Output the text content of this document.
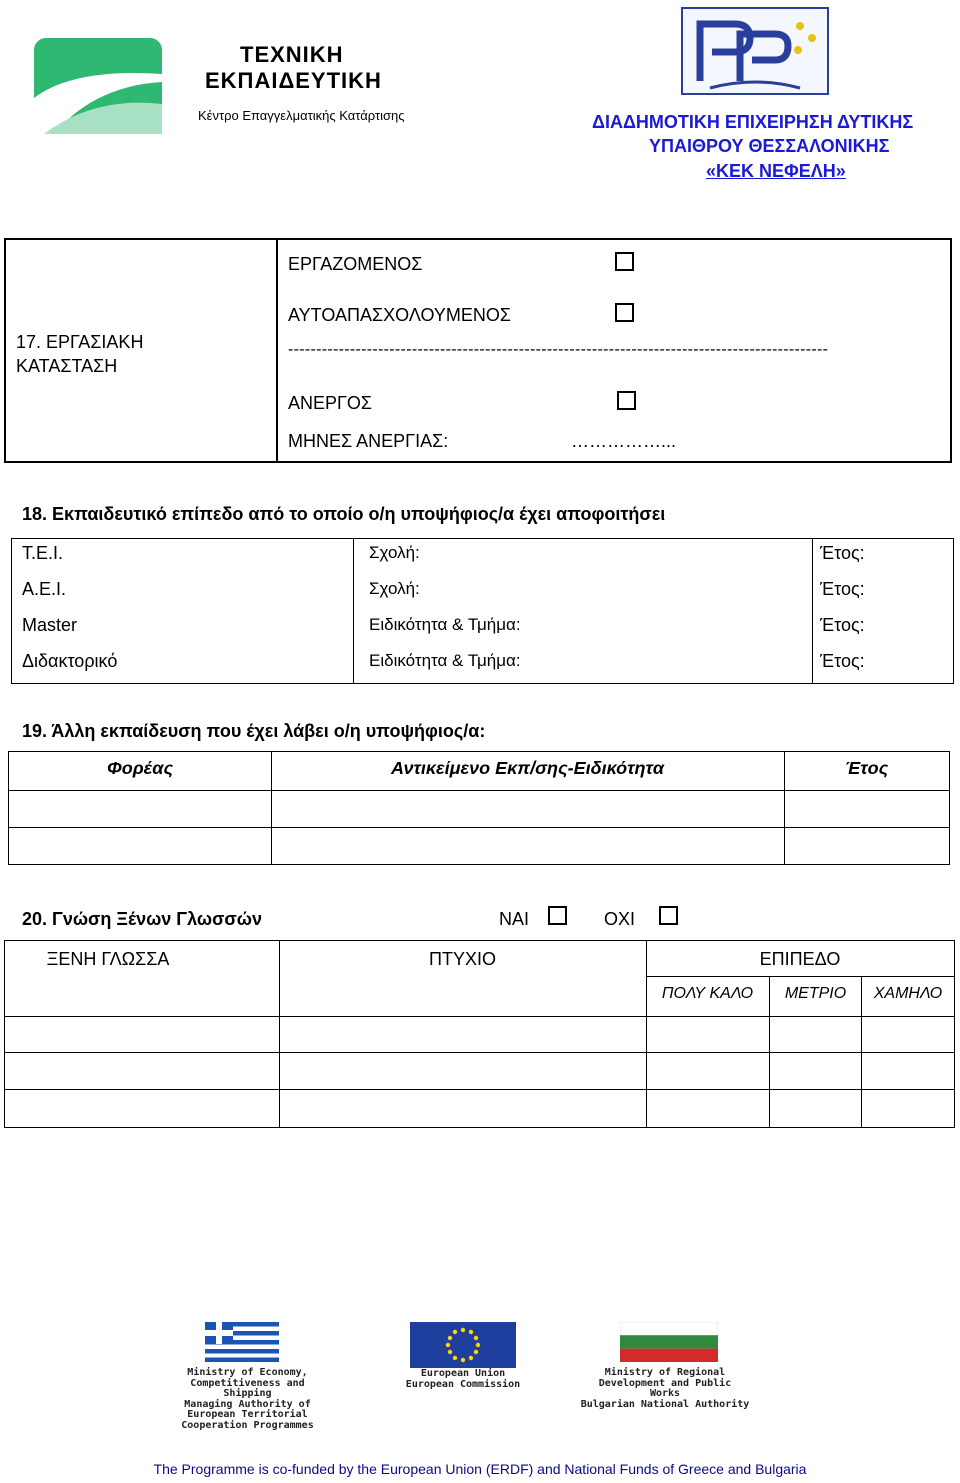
ΤΕΧΝΙΚΗ
ΕΚΠΑΙΔΕΥΤΙΚΗ
Κέντρο Επαγγελματικής Κατάρτισης	ΔΙΑΔΗΜΟΤΙΚΗ ΕΠΙΧΕΙΡΗΣΗ ΔΥΤΙΚΗΣ
ΥΠΑΙΘΡΟΥ ΘΕΣΣΑΛΟΝΙΚΗΣ
«ΚΕΚ ΝΕΦΕΛΗ»
17. ΕΡΓΑΣΙΑΚΗ ΚΑΤΑΣΤΑΣΗ
ΕΡΓΑΖΟΜΕΝΟΣ
ΑΥΤΟΑΠΑΣΧΟΛΟΥΜΕΝΟΣ
------------------------------------------------------------------------------------------------
ΑΝΕΡΓΟΣ
ΜΗΝΕΣ ΑΝΕΡΓΙΑΣ:	……………...
18. Εκπαιδευτικό επίπεδο από το οποίο ο/η υποψήφιος/α έχει αποφοιτήσει
Τ.Ε.Ι.	Σχολή:	Έτος:
Α.Ε.Ι.	Σχολή:	Έτος:
Master	Ειδικότητα & Τμήμα:	Έτος:
Διδακτορικό	Ειδικότητα & Τμήμα:	Έτος:
19. Άλλη εκπαίδευση που έχει λάβει ο/η υποψήφιος/α:
Φορέας	Αντικείμενο Εκπ/σης-Ειδικότητα	Έτος
20. Γνώση Ξένων Γλωσσών	ΝΑΙ	ΟΧΙ
ΞΕΝΗ ΓΛΩΣΣΑ	ΠΤΥΧΙΟ	ΕΠΙΠΕΔΟ
ΠΟΛΥ ΚΑΛΟ	ΜΕΤΡΙΟ	ΧΑΜΗΛΟ
Ministry of Economy,
Competitiveness and
Shipping
Managing Authority of
European Territorial
Cooperation Programmes
European Union
European Commission
Ministry of Regional
Development and Public
Works
Bulgarian National Authority
The Programme is co-funded by the European Union (ERDF) and National Funds of Greece and Bulgaria
